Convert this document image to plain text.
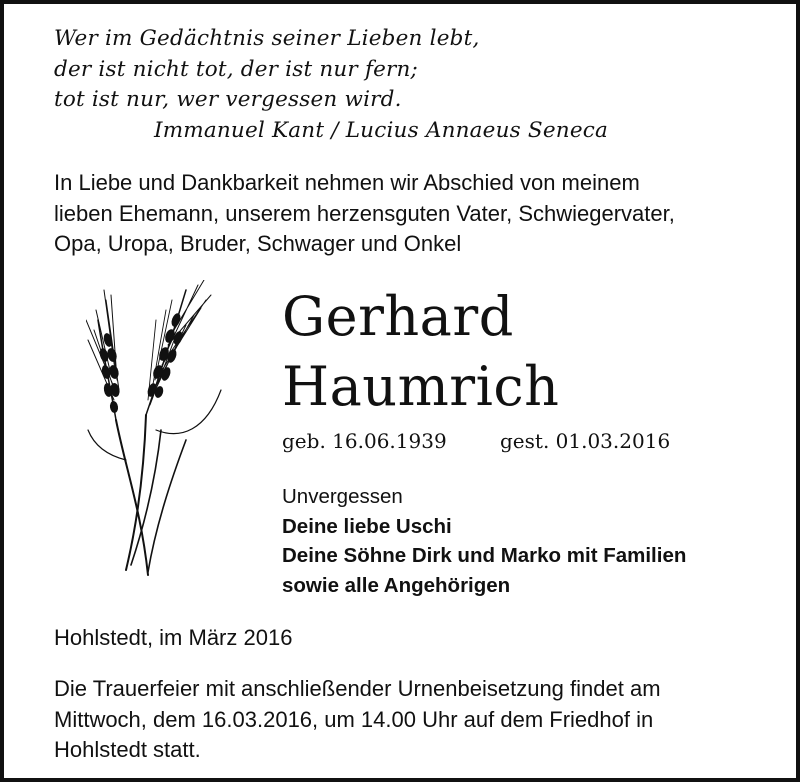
Wer im Gedächtnis seiner Lieben lebt,
der ist nicht tot, der ist nur fern;
tot ist nur, wer vergessen wird.
Immanuel Kant / Lucius Annaeus Seneca
In Liebe und Dankbarkeit nehmen wir Abschied von meinem
lieben Ehemann, unserem herzensguten Vater, Schwiegervater,
Opa, Uropa, Bruder, Schwager und Onkel
Gerhard
Haumrich
geb. 16.06.1939	gest. 01.03.2016
Unvergessen
Deine liebe Uschi
Deine Söhne Dirk und Marko mit Familien
sowie alle Angehörigen
Hohlstedt, im März 2016
Die Trauerfeier mit anschließender Urnenbeisetzung findet am
Mittwoch, dem 16.03.2016, um 14.00 Uhr auf dem Friedhof in
Hohlstedt statt.
